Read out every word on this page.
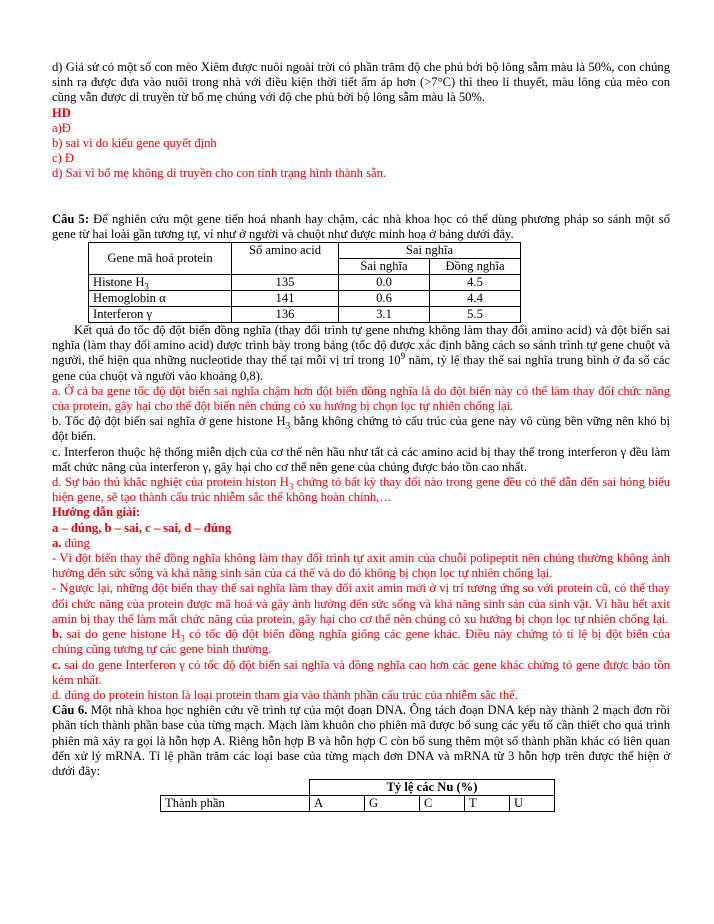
d) Giả sử có một số con mèo Xiêm được nuôi ngoài trời có phần trăm độ che phủ bởi bộ lông sẫm màu là 50%, con chúng sinh ra được đưa vào nuôi trong nhà với điều kiện thời tiết ấm áp hơn (>7°C) thì theo lí thuyết, màu lông của mèo con cũng vẫn được di truyền từ bố mẹ chúng với độ che phủ bởi bộ lông sẫm màu là 50%.

HD

a)Đ

b) sai vì do kiểu gene quyết định

c) Đ

d) Sai vì bố mẹ không di truyền cho con tính trạng hình thành sẵn.

Câu 5: Để nghiên cứu một gene tiến hoá nhanh hay chậm, các nhà khoa học có thể dùng phương pháp so sánh một số gene từ hai loài gần tương tự, ví như ở người và chuột như được minh hoạ ở bảng dưới đây.

Gene mã hoá protein	Số amino acid	Sai nghĩa	
		Sai nghĩa	Đồng nghĩa
Histone $H_3$	135	0.0	4.5
Hemoglobin α	141	0.6	4.4
Interferon γ	136	3.1	5.5

Kết quả đo tốc độ đột biến đồng nghĩa (thay đổi trình tự gene nhưng không làm thay đổi amino acid) và đột biến sai nghĩa (làm thay đổi amino acid) được trình bày trong bảng (tốc độ được xác định bằng cách so sánh trình tự gene chuột và người, thể hiện qua những nucleotide thay thế tại mỗi vị trí trong $10^9$ năm, tỷ lệ thay thế sai nghĩa trung bình ở đa số các gene của chuột và người vào khoảng 0,8).

a. Ở cả ba gene tốc độ đột biến sai nghĩa chậm hơn đột biến đồng nghĩa là do đột biến này có thể làm thay đổi chức năng của protein, gây hại cho thể đột biến nên chúng có xu hướng bị chọn lọc tự nhiên chống lại.

b. Tốc độ đột biến sai nghĩa ở gene histone $H_3$ bằng không chứng tỏ cấu trúc của gene này vô cùng bền vững nên khó bị đột biến.

c. Interferon thuộc hệ thống miễn dịch của cơ thể nên hầu như tất cả các amino acid bị thay thế trong interferon γ đều làm mất chức năng của interferon γ, gây hại cho cơ thể nên gene của chúng được bảo tồn cao nhất.

d. Sự bảo thủ khắc nghiệt của protein histon $H_3$ chứng tỏ bất kỳ thay đổi nào trong gene đều có thể dẫn đến sai hỏng biểu hiện gene, sẽ tạo thành cấu trúc nhiễm sắc thể không hoàn chỉnh,…

Hướng dẫn giải:

a – đúng, b – sai, c – sai, d – đúng

a. đúng

- Vì đột biến thay thế đồng nghĩa không làm thay đổi trình tự axit amin của chuỗi polipeptit nên chúng thường không ảnh hưởng đến sức sống và khả năng sinh sản của cá thể và do đó không bị chọn lọc tự nhiên chống lại.

- Ngược lại, những đột biến thay thế sai nghĩa làm thay đổi axit amin mới ở vị trí tương ứng so với protein cũ, có thể thay đổi chức năng của protein được mã hoá và gây ảnh hưởng đến sức sống và khả năng sinh sản của sinh vật. Vì hầu hết axit amin bị thay thế làm mất chức năng của protein, gây hại cho cơ thể nên chúng có xu hướng bị chọn lọc tự nhiên chống lại.

b. sai do gene histone $H_3$ có tốc độ đột biến đồng nghĩa giống các gene khác. Điều này chứng tỏ tỉ lệ bị đột biến của chúng cũng tương tự các gene bình thường.

c. sai do gene Interferon γ có tốc độ đột biến sai nghĩa và đồng nghĩa cao hơn các gene khác chứng tỏ gene được bảo tồn kém nhất.

d. đúng do protein histon là loại protein tham gia vào thành phần cấu trúc của nhiễm sắc thể.

Câu 6. Một nhà khoa học nghiên cứu về trình tự của một đoạn DNA. Ông tách đoạn DNA kép này thành 2 mạch đơn rồi phân tích thành phần base của từng mạch. Mạch làm khuôn cho phiên mã được bổ sung các yếu tố cần thiết cho quá trình phiên mã xảy ra gọi là hỗn hợp A. Riêng hỗn hợp B và hỗn hợp C còn bổ sung thêm một số thành phần khác có liên quan đến xử lý mRNA. Tỉ lệ phần trăm các loại base của từng mạch đơn DNA và mRNA từ 3 hỗn hợp trên được thể hiện ở dưới đây:

	Tỷ lệ các Nu (%)				
Thành phần	A	G	C	T	U
